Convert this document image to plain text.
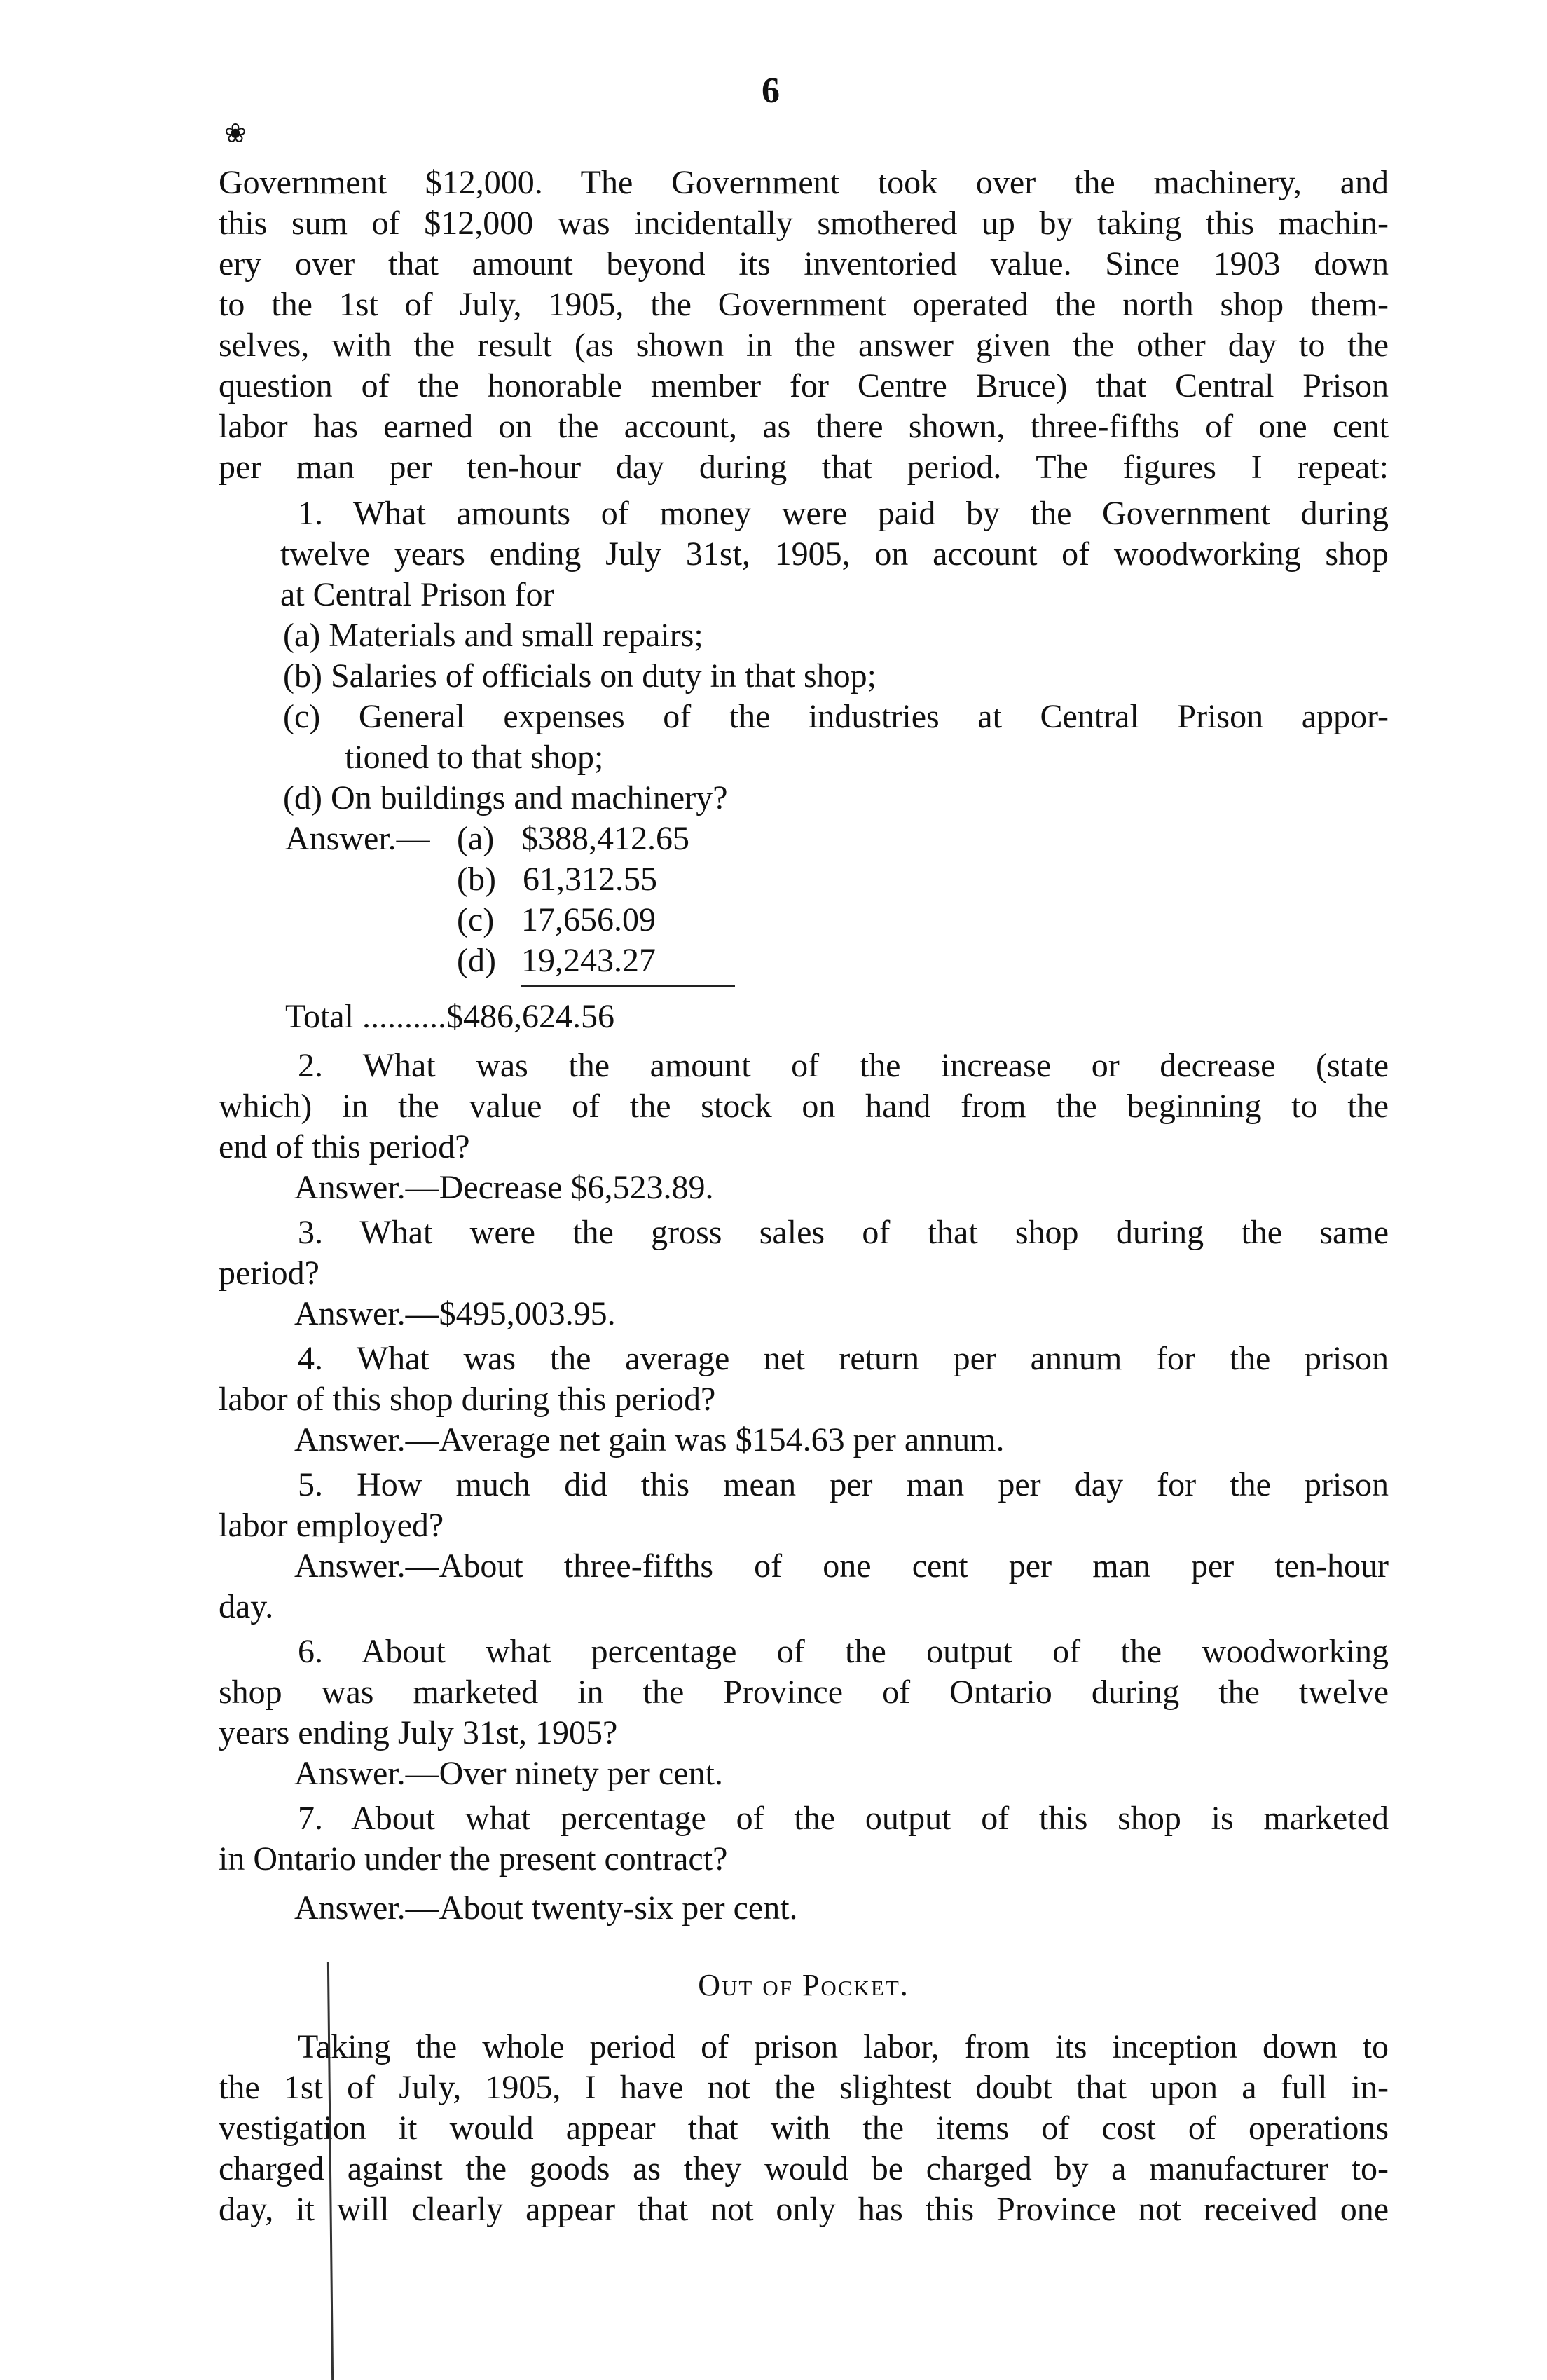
6
❀

Government $12,000. The Government took over the machinery, and

this sum of $12,000 was incidentally smothered up by taking this machin-

ery over that amount beyond its inventoried value. Since 1903 down

to the 1st of July, 1905, the Government operated the north shop them-

selves, with the result (as shown in the answer given the other day to the

question of the honorable member for Centre Bruce) that Central Prison

labor has earned on the account, as there shown, three-fifths of one cent

per man per ten-hour day during that period. The figures I repeat:

1. What amounts of money were paid by the Government during

twelve years ending July 31st, 1905, on account of woodworking shop

at Central Prison for

(a) Materials and small repairs;

(b) Salaries of officials on duty in that shop;

(c) General expenses of the industries at Central Prison appor-

tioned to that shop;

(d) On buildings and machinery?

Answer.— (a) $388,412.65
(b) 61,312.55
(c) 17,656.09
(d) 19,243.27

Total ..........$486,624.56

2. What was the amount of the increase or decrease (state

which) in the value of the stock on hand from the beginning to the

end of this period?

Answer.—Decrease $6,523.89.

3. What were the gross sales of that shop during the same

period?

Answer.—$495,003.95.

4. What was the average net return per annum for the prison

labor of this shop during this period?

Answer.—Average net gain was $154.63 per annum.

5. How much did this mean per man per day for the prison

labor employed?

Answer.—About three-fifths of one cent per man per ten-hour

day.

6. About what percentage of the output of the woodworking

shop was marketed in the Province of Ontario during the twelve

years ending July 31st, 1905?

Answer.—Over ninety per cent.

7. About what percentage of the output of this shop is marketed

in Ontario under the present contract?

Answer.—About twenty-six per cent.

Out of Pocket.

Taking the whole period of prison labor, from its inception down to

the 1st of July, 1905, I have not the slightest doubt that upon a full in-

vestigation it would appear that with the items of cost of operations

charged against the goods as they would be charged by a manufacturer to-

day, it will clearly appear that not only has this Province not received one
